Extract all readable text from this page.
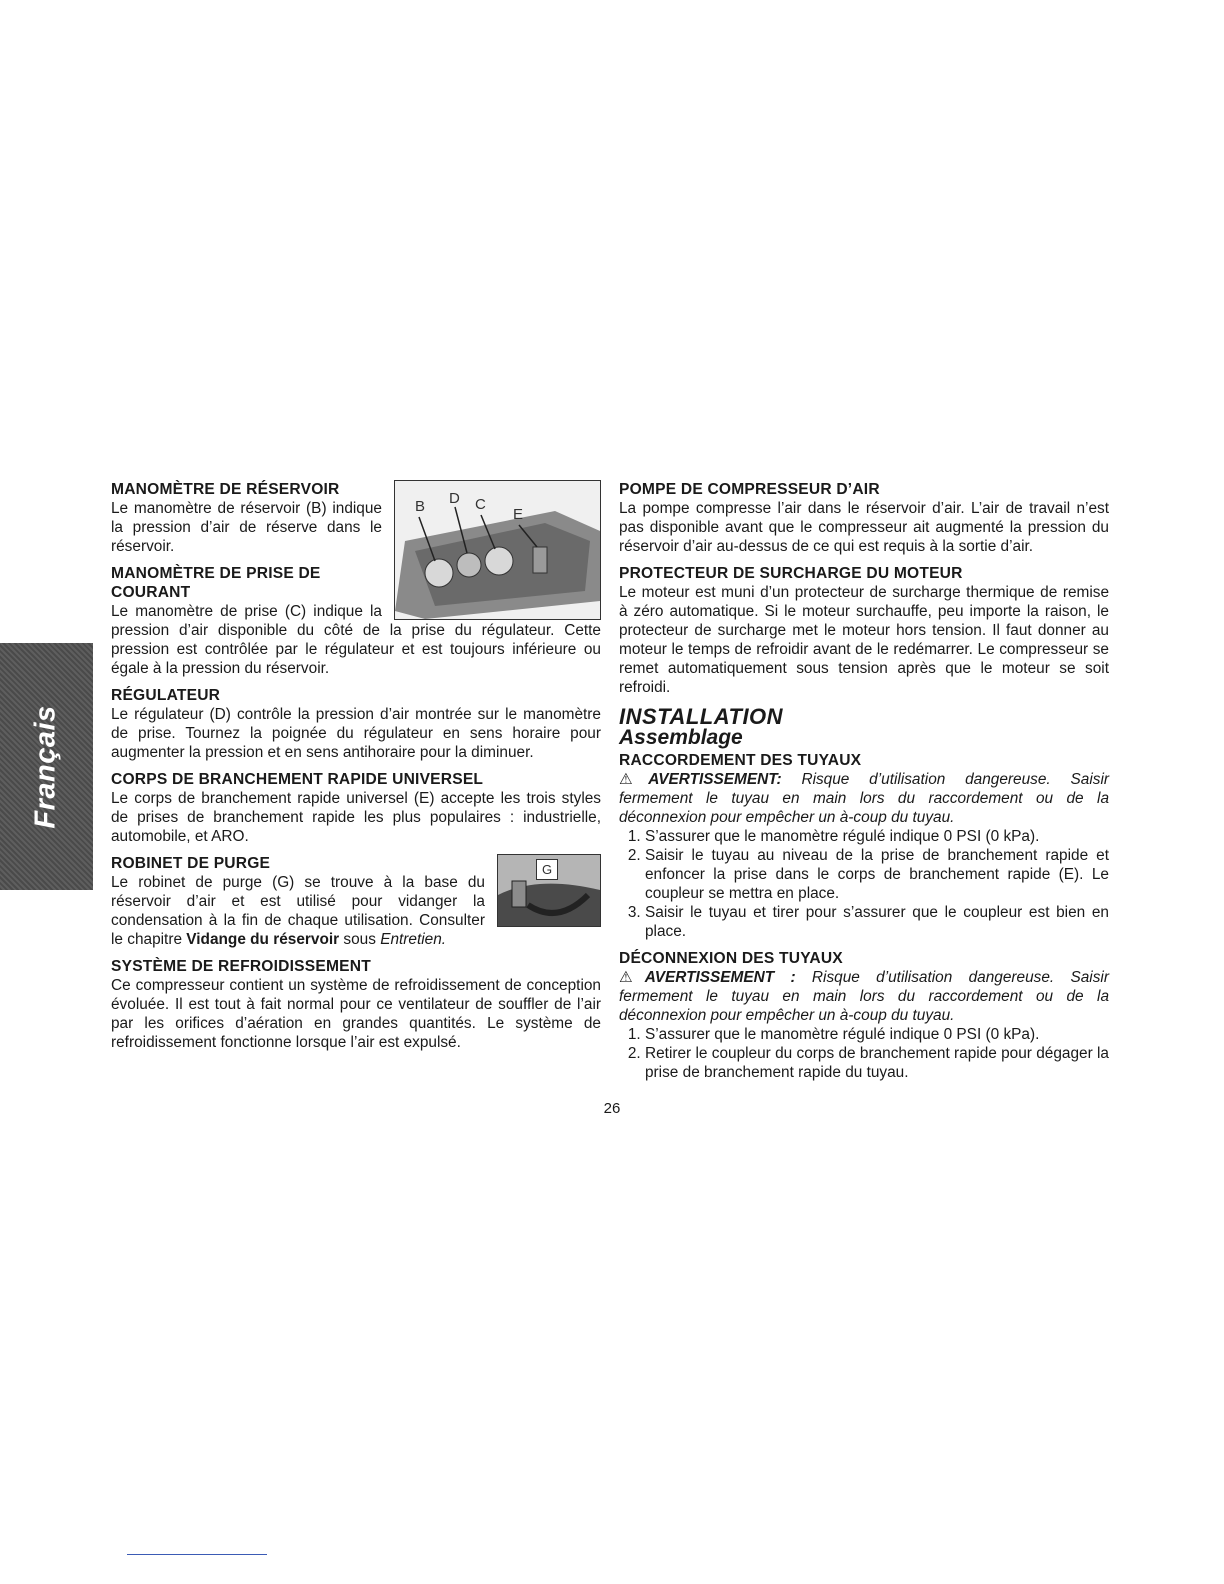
Français
B D C
E
MANOMÈTRE DE RÉSERVOIR

Le manomètre de réservoir (B) indique la pression d’air de réserve dans le réservoir.

MANOMÈTRE DE PRISE DE COURANT

Le manomètre de prise (C) indique la pression d’air disponible du côté de la prise du régulateur. Cette pression est contrôlée par le régulateur et est toujours inférieure ou égale à la pression du réservoir.

RÉGULATEUR

Le régulateur (D) contrôle la pression d’air montrée sur le manomètre de prise. Tournez la poignée du régulateur en sens horaire pour augmenter la pression et en sens antihoraire pour la diminuer.

CORPS DE BRANCHEMENT RAPIDE UNIVERSEL

Le corps de branchement rapide universel (E) accepte les trois styles de prises de branchement rapide les plus populaires : industrielle, automobile, et ARO.

G
ROBINET DE PURGE

Le robinet de purge (G) se trouve à la base du réservoir d’air et est utilisé pour vidanger la condensation à la fin de chaque utilisation. Consulter le chapitre Vidange du réservoir sous Entretien.

SYSTÈME DE REFROIDISSEMENT

Ce compresseur contient un système de refroidissement de conception évoluée. Il est tout à fait normal pour ce ventilateur de souffler de l’air par les orifices d’aération en grandes quantités. Le système de refroidissement fonctionne lorsque l’air est expulsé.

POMPE DE COMPRESSEUR D’AIR

La pompe compresse l’air dans le réservoir d’air. L’air de travail n’est pas disponible avant que le compresseur ait augmenté la pression du réservoir d’air au-dessus de ce qui est requis à la sortie d’air.

PROTECTEUR DE SURCHARGE DU MOTEUR

Le moteur est muni d’un protecteur de surcharge thermique de remise à zéro automatique. Si le moteur surchauffe, peu importe la raison, le protecteur de surcharge met le moteur hors tension. Il faut donner au moteur le temps de refroidir avant de le redémarrer. Le compresseur se remet automatiquement sous tension après que le moteur se soit refroidi.

INSTALLATION
Assemblage
RACCORDEMENT DES TUYAUX

⚠AVERTISSEMENT: Risque d’utilisation dangereuse. Saisir fermement le tuyau en main lors du raccordement ou de la déconnexion pour empêcher un à-coup du tuyau.

1. S’assurer que le manomètre régulé indique 0 PSI (0 kPa).
2. Saisir le tuyau au niveau de la prise de branchement rapide et enfoncer la prise dans le corps de branchement rapide (E). Le coupleur se mettra en place.
3. Saisir le tuyau et tirer pour s’assurer que le coupleur est bien en place.
DÉCONNEXION DES TUYAUX

⚠AVERTISSEMENT : Risque d’utilisation dangereuse. Saisir fermement le tuyau en main lors du raccordement ou de la déconnexion pour empêcher un à-coup du tuyau.

1. S’assurer que le manomètre régulé indique 0 PSI (0 kPa).
2. Retirer le coupleur du corps de branchement rapide pour dégager la prise de branchement rapide du tuyau.
26
